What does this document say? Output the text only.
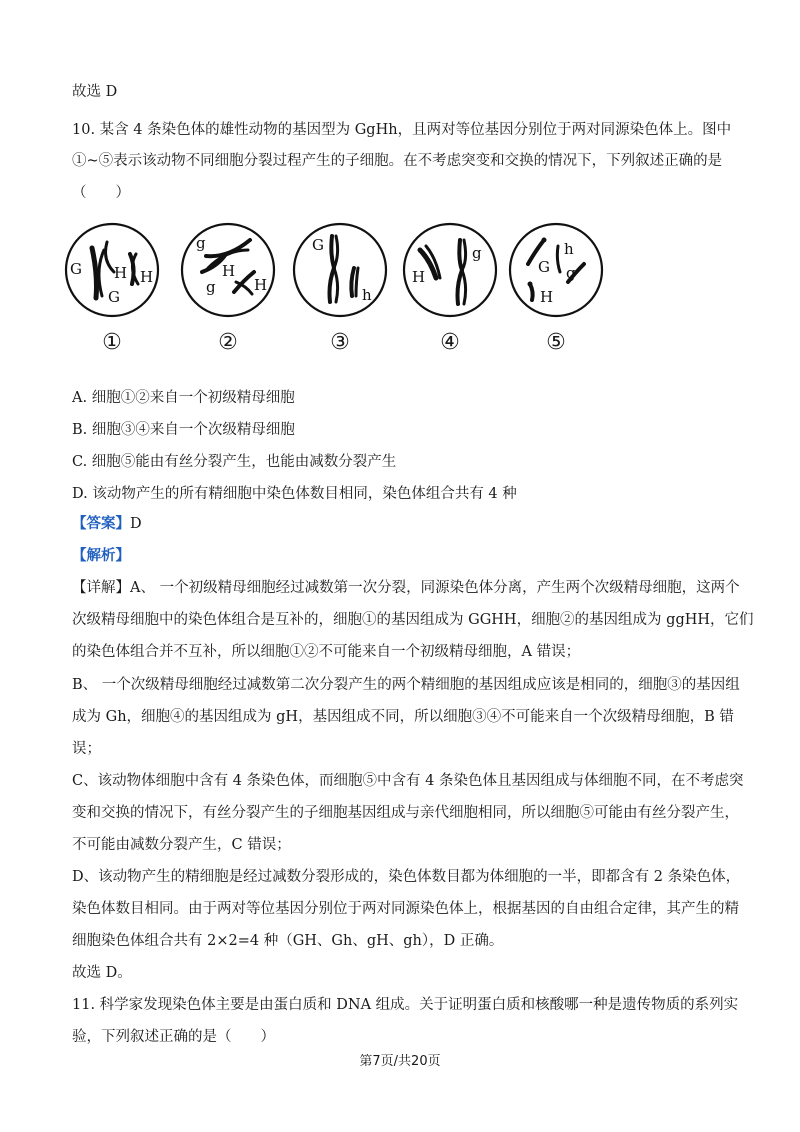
故选 D
10. 某含 4 条染色体的雄性动物的基因型为 GgHh，且两对等位基因分别位于两对同源染色体上。图中
①~⑤表示该动物不同细胞分裂过程产生的子细胞。在不考虑突变和交换的情况下，下列叙述正确的是
（　　）
G H
G
H
g
H
g	H
G
h
H
g
G
h
g
H
①	②	③	④	⑤
A. 细胞①②来自一个初级精母细胞
B. 细胞③④来自一个次级精母细胞
C. 细胞⑤能由有丝分裂产生，也能由减数分裂产生
D. 该动物产生的所有精细胞中染色体数目相同，染色体组合共有 4 种
【答案】D
【解析】
【详解】A、 一个初级精母细胞经过减数第一次分裂，同源染色体分离，产生两个次级精母细胞，这两个
次级精母细胞中的染色体组合是互补的，细胞①的基因组成为 GGHH，细胞②的基因组成为 ggHH，它们
的染色体组合并不互补，所以细胞①②不可能来自一个初级精母细胞，A 错误；
B、 一个次级精母细胞经过减数第二次分裂产生的两个精细胞的基因组成应该是相同的，细胞③的基因组
成为 Gh，细胞④的基因组成为 gH，基因组成不同，所以细胞③④不可能来自一个次级精母细胞，B 错
误；
C、该动物体细胞中含有 4 条染色体，而细胞⑤中含有 4 条染色体且基因组成与体细胞不同，在不考虑突
变和交换的情况下，有丝分裂产生的子细胞基因组成与亲代细胞相同，所以细胞⑤可能由有丝分裂产生，
不可能由减数分裂产生，C 错误；
D、该动物产生的精细胞是经过减数分裂形成的，染色体数目都为体细胞的一半，即都含有 2 条染色体，
染色体数目相同。由于两对等位基因分别位于两对同源染色体上，根据基因的自由组合定律，其产生的精
细胞染色体组合共有 2×2=4 种（GH、Gh、gH、gh），D 正确。
故选 D。
11. 科学家发现染色体主要是由蛋白质和 DNA 组成。关于证明蛋白质和核酸哪一种是遗传物质的系列实
验，下列叙述正确的是（　　）
第7页/共20页
